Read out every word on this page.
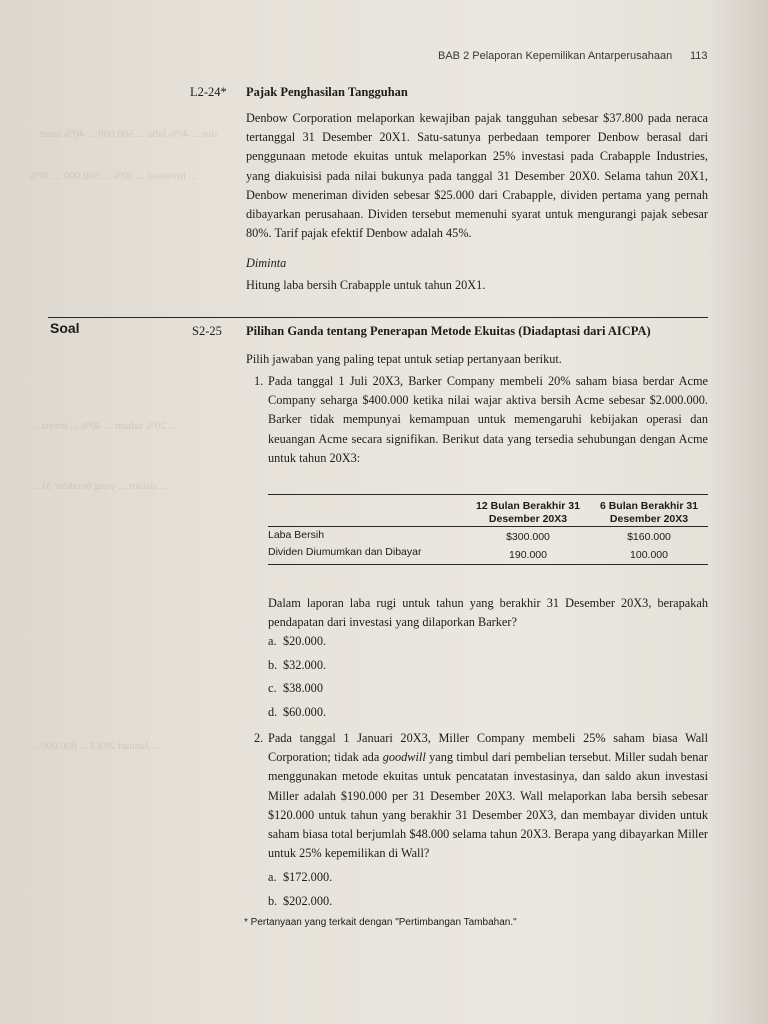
tiot ... 40% laba ... 500.000 ... 40% asset
... investasi ... 30% ... 500.000 ... 30%
... 20% saham ... 40% ... invest ...
... dalam ... yang berakhir 31 ...
... Januari 20X3 ... 600.000 ...
BAB 2 Pelaporan Kepemilikan Antarperusahaan 113
L2-24* Pajak Penghasilan Tangguhan
Denbow Corporation melaporkan kewajiban pajak tangguhan sebesar $37.800 pada neraca tertanggal 31 Desember 20X1. Satu-satunya perbedaan temporer Denbow berasal dari penggunaan metode ekuitas untuk melaporkan 25% investasi pada Crabapple Industries, yang diakuisisi pada nilai bukunya pada tanggal 31 Desember 20X0. Selama tahun 20X1, Denbow meneriman dividen sebesar $25.000 dari Crabapple, dividen pertama yang pernah dibayarkan perusahaan. Dividen tersebut memenuhi syarat untuk mengurangi pajak sebesar 80%. Tarif pajak efektif Denbow adalah 45%.
Diminta
Hitung laba bersih Crabapple untuk tahun 20X1.
Soal	S2-25 Pilihan Ganda tentang Penerapan Metode Ekuitas (Diadaptasi dari AICPA)
Pilih jawaban yang paling tepat untuk setiap pertanyaan berikut.
1. Pada tanggal 1 Juli 20X3, Barker Company membeli 20% saham biasa berdar Acme Company seharga $400.000 ketika nilai wajar aktiva bersih Acme sebesar $2.000.000. Barker tidak mempunyai kemampuan untuk memengaruhi kebijakan operasi dan keuangan Acme secara signifikan. Berikut data yang tersedia sehubungan dengan Acme untuk tahun 20X3:
12 Bulan Berakhir 31 Desember 20X3
6 Bulan Berakhir 31 Desember 20X3
Laba Bersih	$300.000	$160.000
Dividen Diumumkan dan Dibayar	190.000	100.000
Dalam laporan laba rugi untuk tahun yang berakhir 31 Desember 20X3, berapakah pendapatan dari investasi yang dilaporkan Barker?
a. $20.000.
b. $32.000.
c. $38.000
d. $60.000.
2. Pada tanggal 1 Januari 20X3, Miller Company membeli 25% saham biasa Wall Corporation; tidak ada goodwill yang timbul dari pembelian tersebut. Miller sudah benar menggunakan metode ekuitas untuk pencatatan investasinya, dan saldo akun investasi Miller adalah $190.000 per 31 Desember 20X3. Wall melaporkan laba bersih sebesar $120.000 untuk tahun yang berakhir 31 Desember 20X3, dan membayar dividen untuk saham biasa total berjumlah $48.000 selama tahun 20X3. Berapa yang dibayarkan Miller untuk 25% kepemilikan di Wall?
a. $172.000.
b. $202.000.
* Pertanyaan yang terkait dengan "Pertimbangan Tambahan."
